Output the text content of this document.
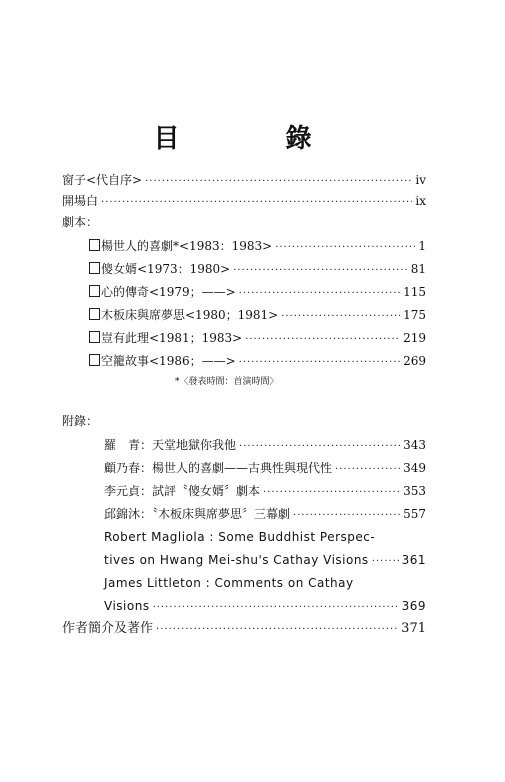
目　錄
窗子<代自序> ·····	iv
開場白 ·····	ix
劇本：
楊世人的喜劇*<1983：1983> ·····	1
傻女婿<1973：1980> ·····	81
心的傳奇<1979；——> ·····	115
木板床與席夢思<1980；1981> ·····	175
豈有此理<1981；1983> ·····	219
空籠故事<1986；——> ·····	269
*〈發表時間：首演時間〉
附錄：
羅　青：天堂地獄你我他 ·····	343
顧乃春：楊世人的喜劇——古典性與現代性 ·····	349
李元貞：試評〝傻女婿〞劇本 ·····	353
邱錦沐：〝木板床與席夢思〞三幕劇 ·····	557
Robert Magliola : Some Buddhist Perspec-
tives on Hwang Mei-shu's Cathay Visions ·····	361
James Littleton : Comments on Cathay
Visions ·····	369
作者簡介及著作 ·····	371
